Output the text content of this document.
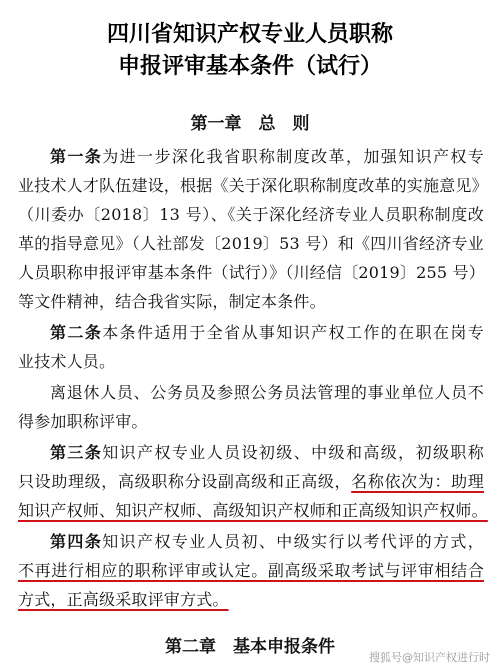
四川省知识产权专业人员职称
申报评审基本条件（试行）
第一章　总　则
第一条为进一步深化我省职称制度改革，加强知识产权专
业技术人才队伍建设，根据《关于深化职称制度改革的实施意见》
（川委办〔2018〕13 号）、《关于深化经济专业人员职称制度改
革的指导意见》（人社部发〔2019〕53 号）和《四川省经济专业
人员职称申报评审基本条件（试行）》（川经信〔2019〕255 号）
等文件精神，结合我省实际，制定本条件。
第二条本条件适用于全省从事知识产权工作的在职在岗专
业技术人员。
离退休人员、公务员及参照公务员法管理的事业单位人员不
得参加职称评审。
第三条知识产权专业人员设初级、中级和高级，初级职称
只设助理级，高级职称分设副高级和正高级，名称依次为：助理
知识产权师、知识产权师、高级知识产权师和正高级知识产权师。
第四条知识产权专业人员初、中级实行以考代评的方式，
不再进行相应的职称评审或认定。副高级采取考试与评审相结合
方式，正高级采取评审方式。
第二章　基本申报条件
搜狐号@知识产权进行时
